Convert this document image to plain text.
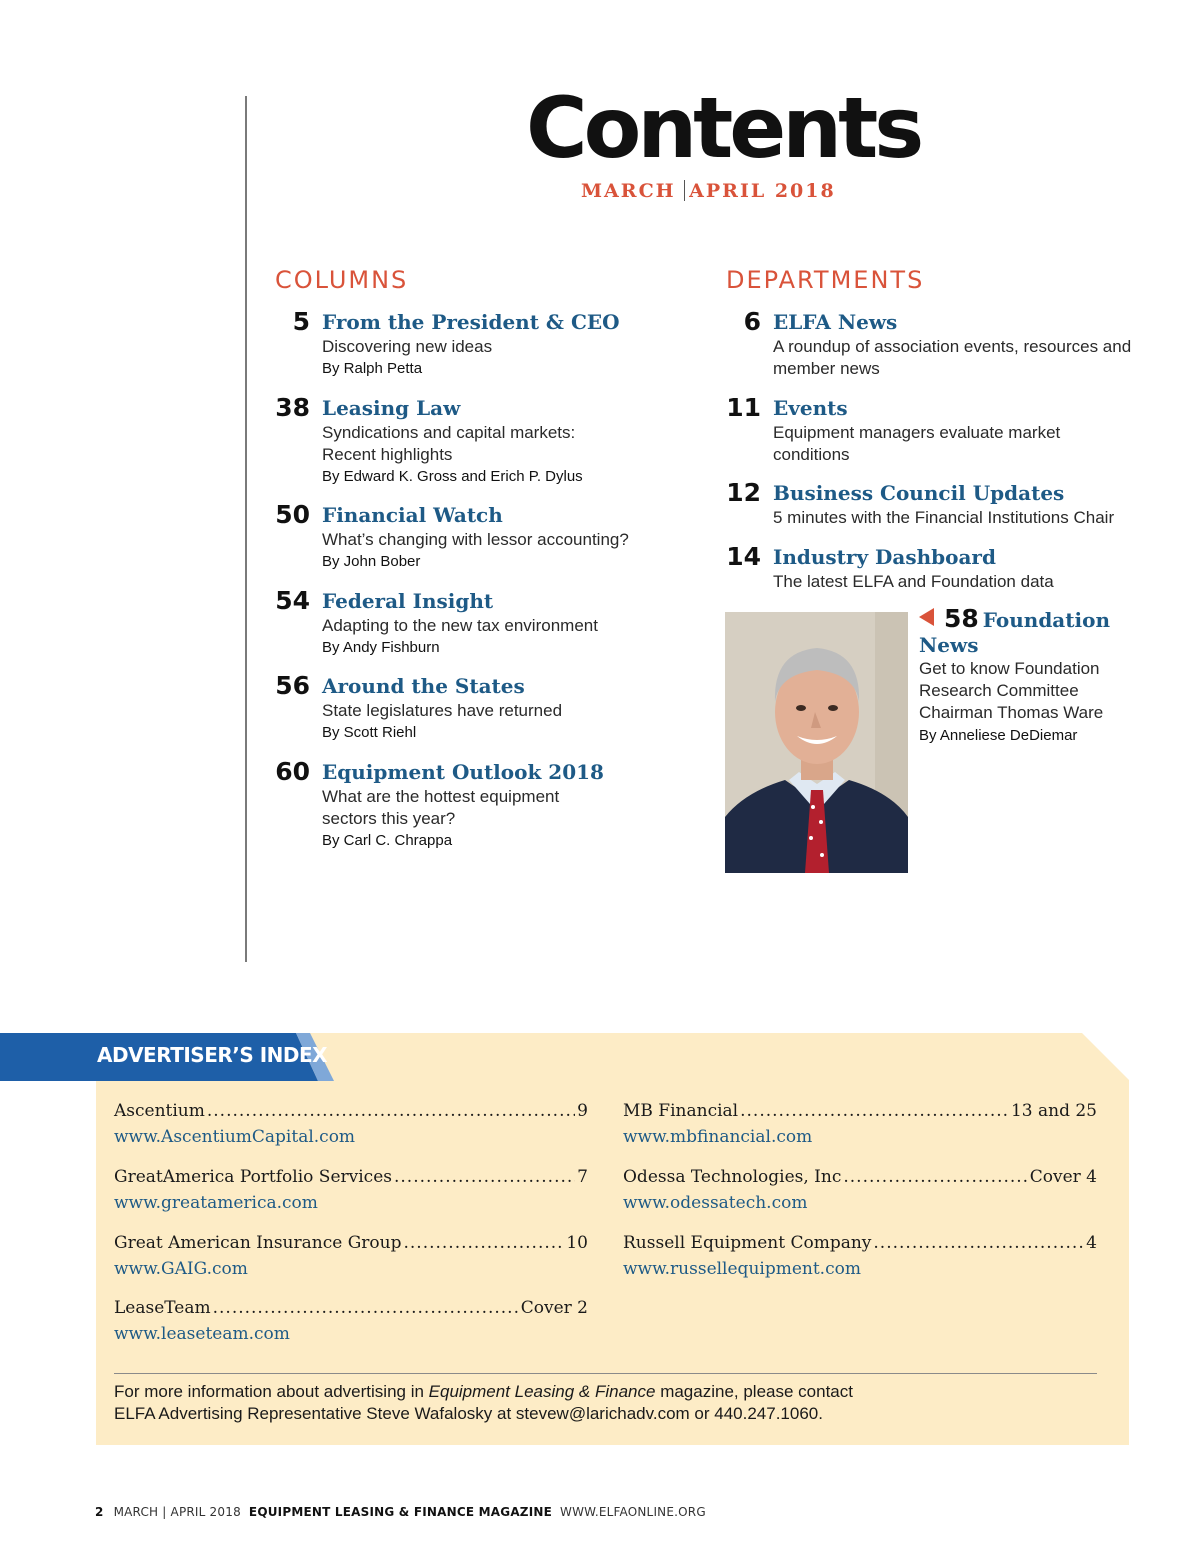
Contents
MARCH APRIL 2018
COLUMNS
5 From the President & CEO
Discovering new ideas
By Ralph Petta
38 Leasing Law
Syndications and capital markets: Recent highlights
By Edward K. Gross and Erich P. Dylus
50 Financial Watch
What’s changing with lessor accounting?
By John Bober
54 Federal Insight
Adapting to the new tax environment
By Andy Fishburn
56 Around the States
State legislatures have returned
By Scott Riehl
60 Equipment Outlook 2018
What are the hottest equipment sectors this year?
By Carl C. Chrappa
DEPARTMENTS
6 ELFA News
A roundup of association events, resources and member news
11 Events
Equipment managers evaluate market conditions
12 Business Council Updates
5 minutes with the Financial Institutions Chair
14 Industry Dashboard
The latest ELFA and Foundation data
58 Foundation
News
Get to know Foundation Research Committee Chairman Thomas Ware
By Anneliese DeDiemar
ADVERTISER’S INDEX
Ascentium .....	9
www.AscentiumCapital.com
GreatAmerica Portfolio Services .....	7
www.greatamerica.com
Great American Insurance Group .....	10
www.GAIG.com
LeaseTeam .....	Cover 2
www.leaseteam.com
MB Financial .....	13 and 25
www.mbfinancial.com
Odessa Technologies, Inc .....	Cover 4
www.odessatech.com
Russell Equipment Company .....	4
www.russellequipment.com
For more information about advertising in Equipment Leasing & Finance magazine, please contact
ELFA Advertising Representative Steve Wafalosky at stevew@larichadv.com or 440.247.1060.
2 MARCH | APRIL 2018 EQUIPMENT LEASING & FINANCE MAGAZINE WWW.ELFAONLINE.ORG
